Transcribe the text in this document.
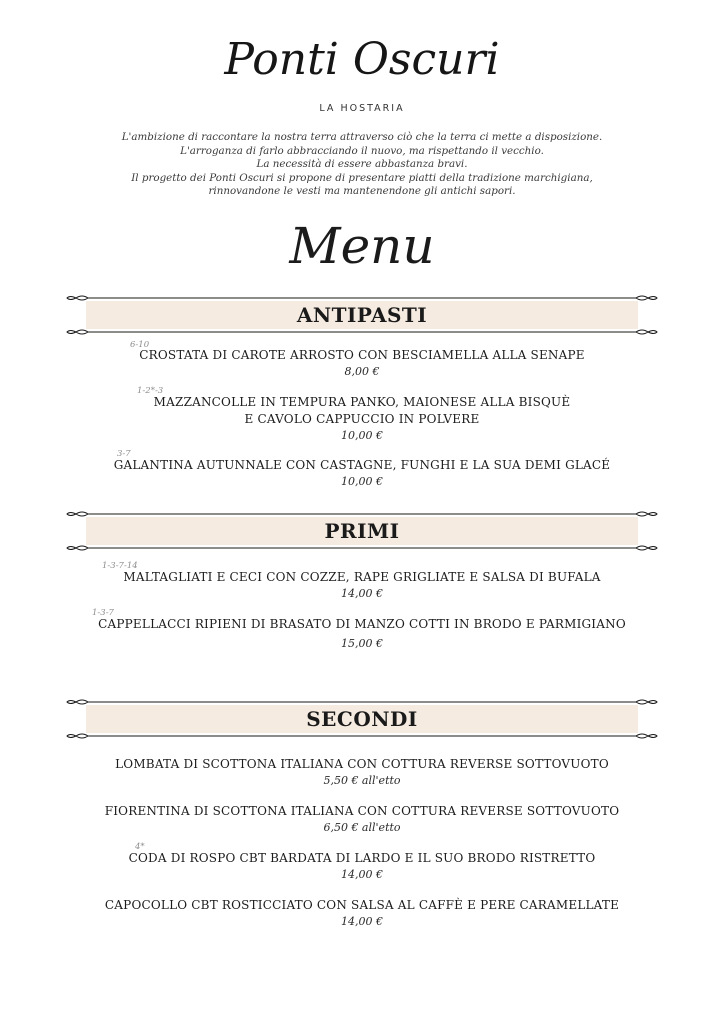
Ponti Oscuri
LA HOSTARIA
L'ambizione di raccontare la nostra terra attraverso ciò che la terra ci mette a disposizione.
L'arroganza di farlo abbracciando il nuovo, ma rispettando il vecchio.
La necessità di essere abbastanza bravi.
Il progetto dei Ponti Oscuri si propone di presentare piatti della tradizione marchigiana,
rinnovandone le vesti ma mantenendone gli antichi sapori.
Menu
ANTIPASTI
6-10
CROSTATA DI CAROTE ARROSTO CON BESCIAMELLA ALLA SENAPE
8,00 €
1-2*-3
MAZZANCOLLE IN TEMPURA PANKO, MAIONESE ALLA BISQUÈ
E CAVOLO CAPPUCCIO IN POLVERE
10,00 €
3-7
GALANTINA AUTUNNALE CON CASTAGNE, FUNGHI E LA SUA DEMI GLACÉ
10,00 €
PRIMI
1-3-7-14
MALTAGLIATI E CECI CON COZZE, RAPE GRIGLIATE E SALSA DI BUFALA
14,00 €
1-3-7
CAPPELLACCI RIPIENI DI BRASATO DI MANZO COTTI IN BRODO E PARMIGIANO
15,00 €
SECONDI
LOMBATA DI SCOTTONA ITALIANA CON COTTURA REVERSE SOTTOVUOTO
5,50 € all'etto
FIORENTINA DI SCOTTONA ITALIANA CON COTTURA REVERSE SOTTOVUOTO
6,50 € all'etto
4*
CODA DI ROSPO CBT BARDATA DI LARDO E IL SUO BRODO RISTRETTO
14,00 €
CAPOCOLLO CBT ROSTICCIATO CON SALSA AL CAFFÈ E PERE CARAMELLATE
14,00 €
